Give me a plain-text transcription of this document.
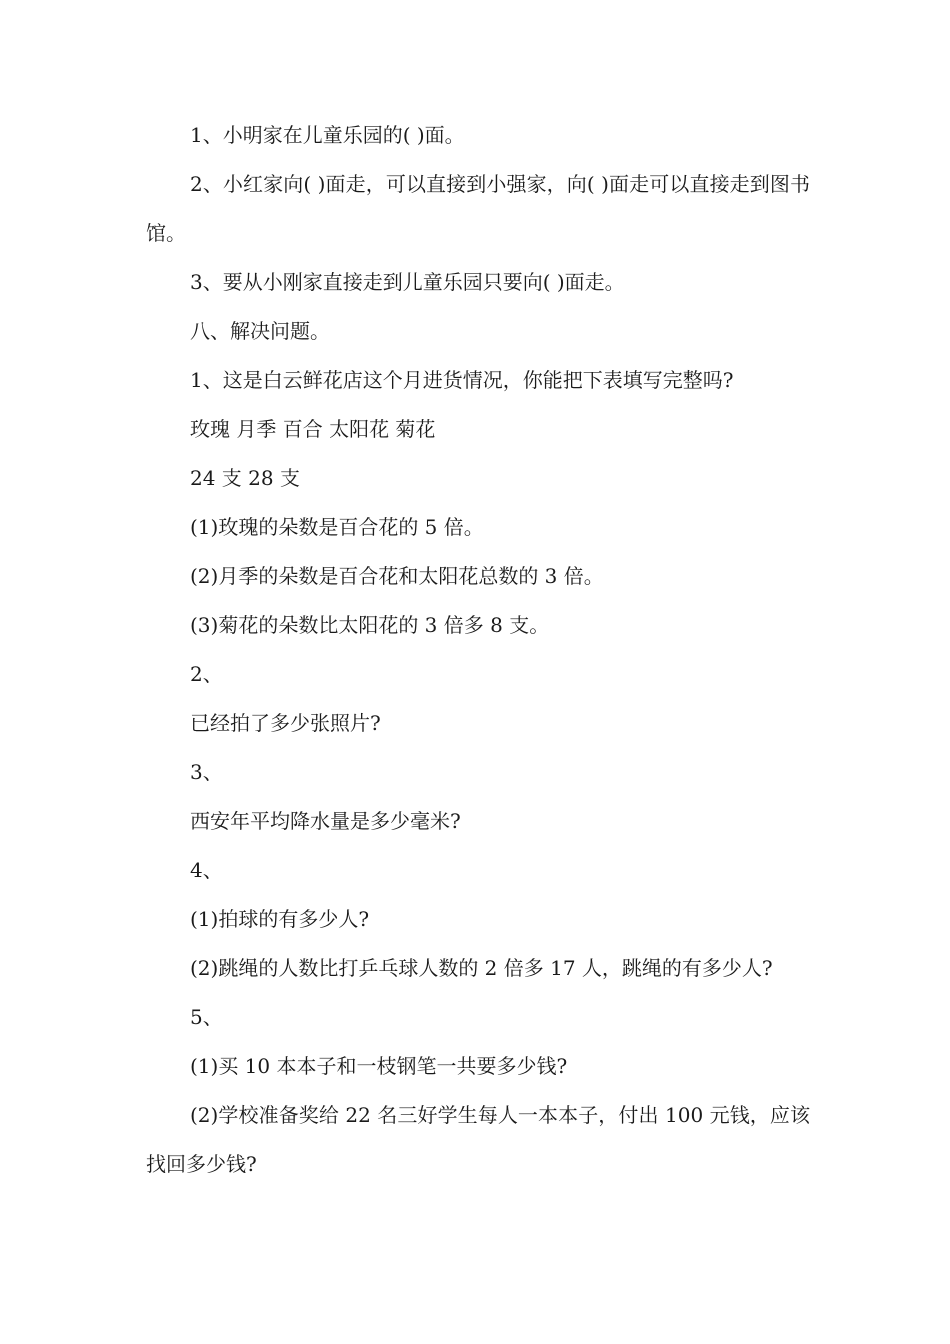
1、小明家在儿童乐园的( )面。

2、小红家向( )面走，可以直接到小强家，向( )面走可以直接走到图书馆。

3、要从小刚家直接走到儿童乐园只要向( )面走。

八、解决问题。

1、这是白云鲜花店这个月进货情况，你能把下表填写完整吗?

玫瑰 月季 百合 太阳花 菊花

24 支 28 支

(1)玫瑰的朵数是百合花的 5 倍。

(2)月季的朵数是百合花和太阳花总数的 3 倍。

(3)菊花的朵数比太阳花的 3 倍多 8 支。

2、

已经拍了多少张照片?

3、

西安年平均降水量是多少毫米?

4、

(1)拍球的有多少人?

(2)跳绳的人数比打乒乓球人数的 2 倍多 17 人，跳绳的有多少人?

5、

(1)买 10 本本子和一枝钢笔一共要多少钱?

(2)学校准备奖给 22 名三好学生每人一本本子，付出 100 元钱，应该找回多少钱?
